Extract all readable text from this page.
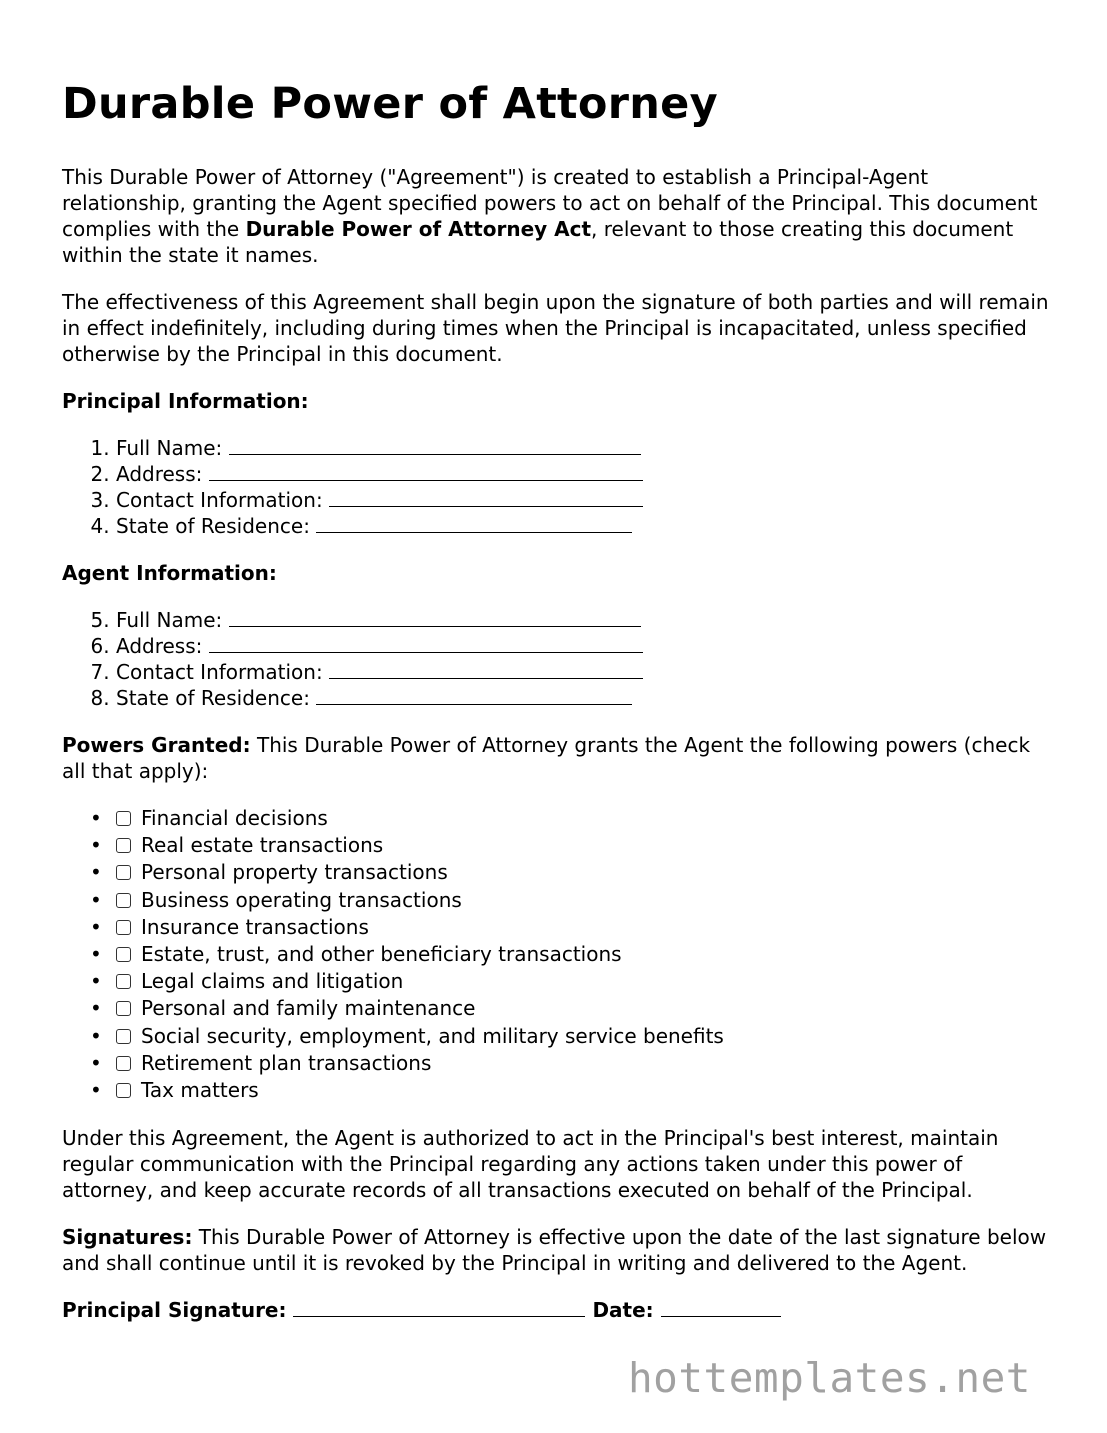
Durable Power of Attorney

This Durable Power of Attorney ("Agreement") is created to establish a Principal-Agent relationship, granting the Agent specified powers to act on behalf of the Principal. This document complies with the Durable Power of Attorney Act, relevant to those creating this document within the state it names.

The effectiveness of this Agreement shall begin upon the signature of both parties and will remain in effect indefinitely, including during times when the Principal is incapacitated, unless specified otherwise by the Principal in this document.

Principal Information:
1. Full Name:
2. Address:
3. Contact Information:
4. State of Residence:
Agent Information:
5. Full Name:
6. Address:
7. Contact Information:
8. State of Residence:

Powers Granted: This Durable Power of Attorney grants the Agent the following powers (check all that apply):

• Financial decisions
• Real estate transactions
• Personal property transactions
• Business operating transactions
• Insurance transactions
• Estate, trust, and other beneficiary transactions
• Legal claims and litigation
• Personal and family maintenance
• Social security, employment, and military service benefits
• Retirement plan transactions
• Tax matters

Under this Agreement, the Agent is authorized to act in the Principal's best interest, maintain regular communication with the Principal regarding any actions taken under this power of attorney, and keep accurate records of all transactions executed on behalf of the Principal.

Signatures: This Durable Power of Attorney is effective upon the date of the last signature below and shall continue until it is revoked by the Principal in writing and delivered to the Agent.

Principal Signature:	Date:
hottemplates.net
